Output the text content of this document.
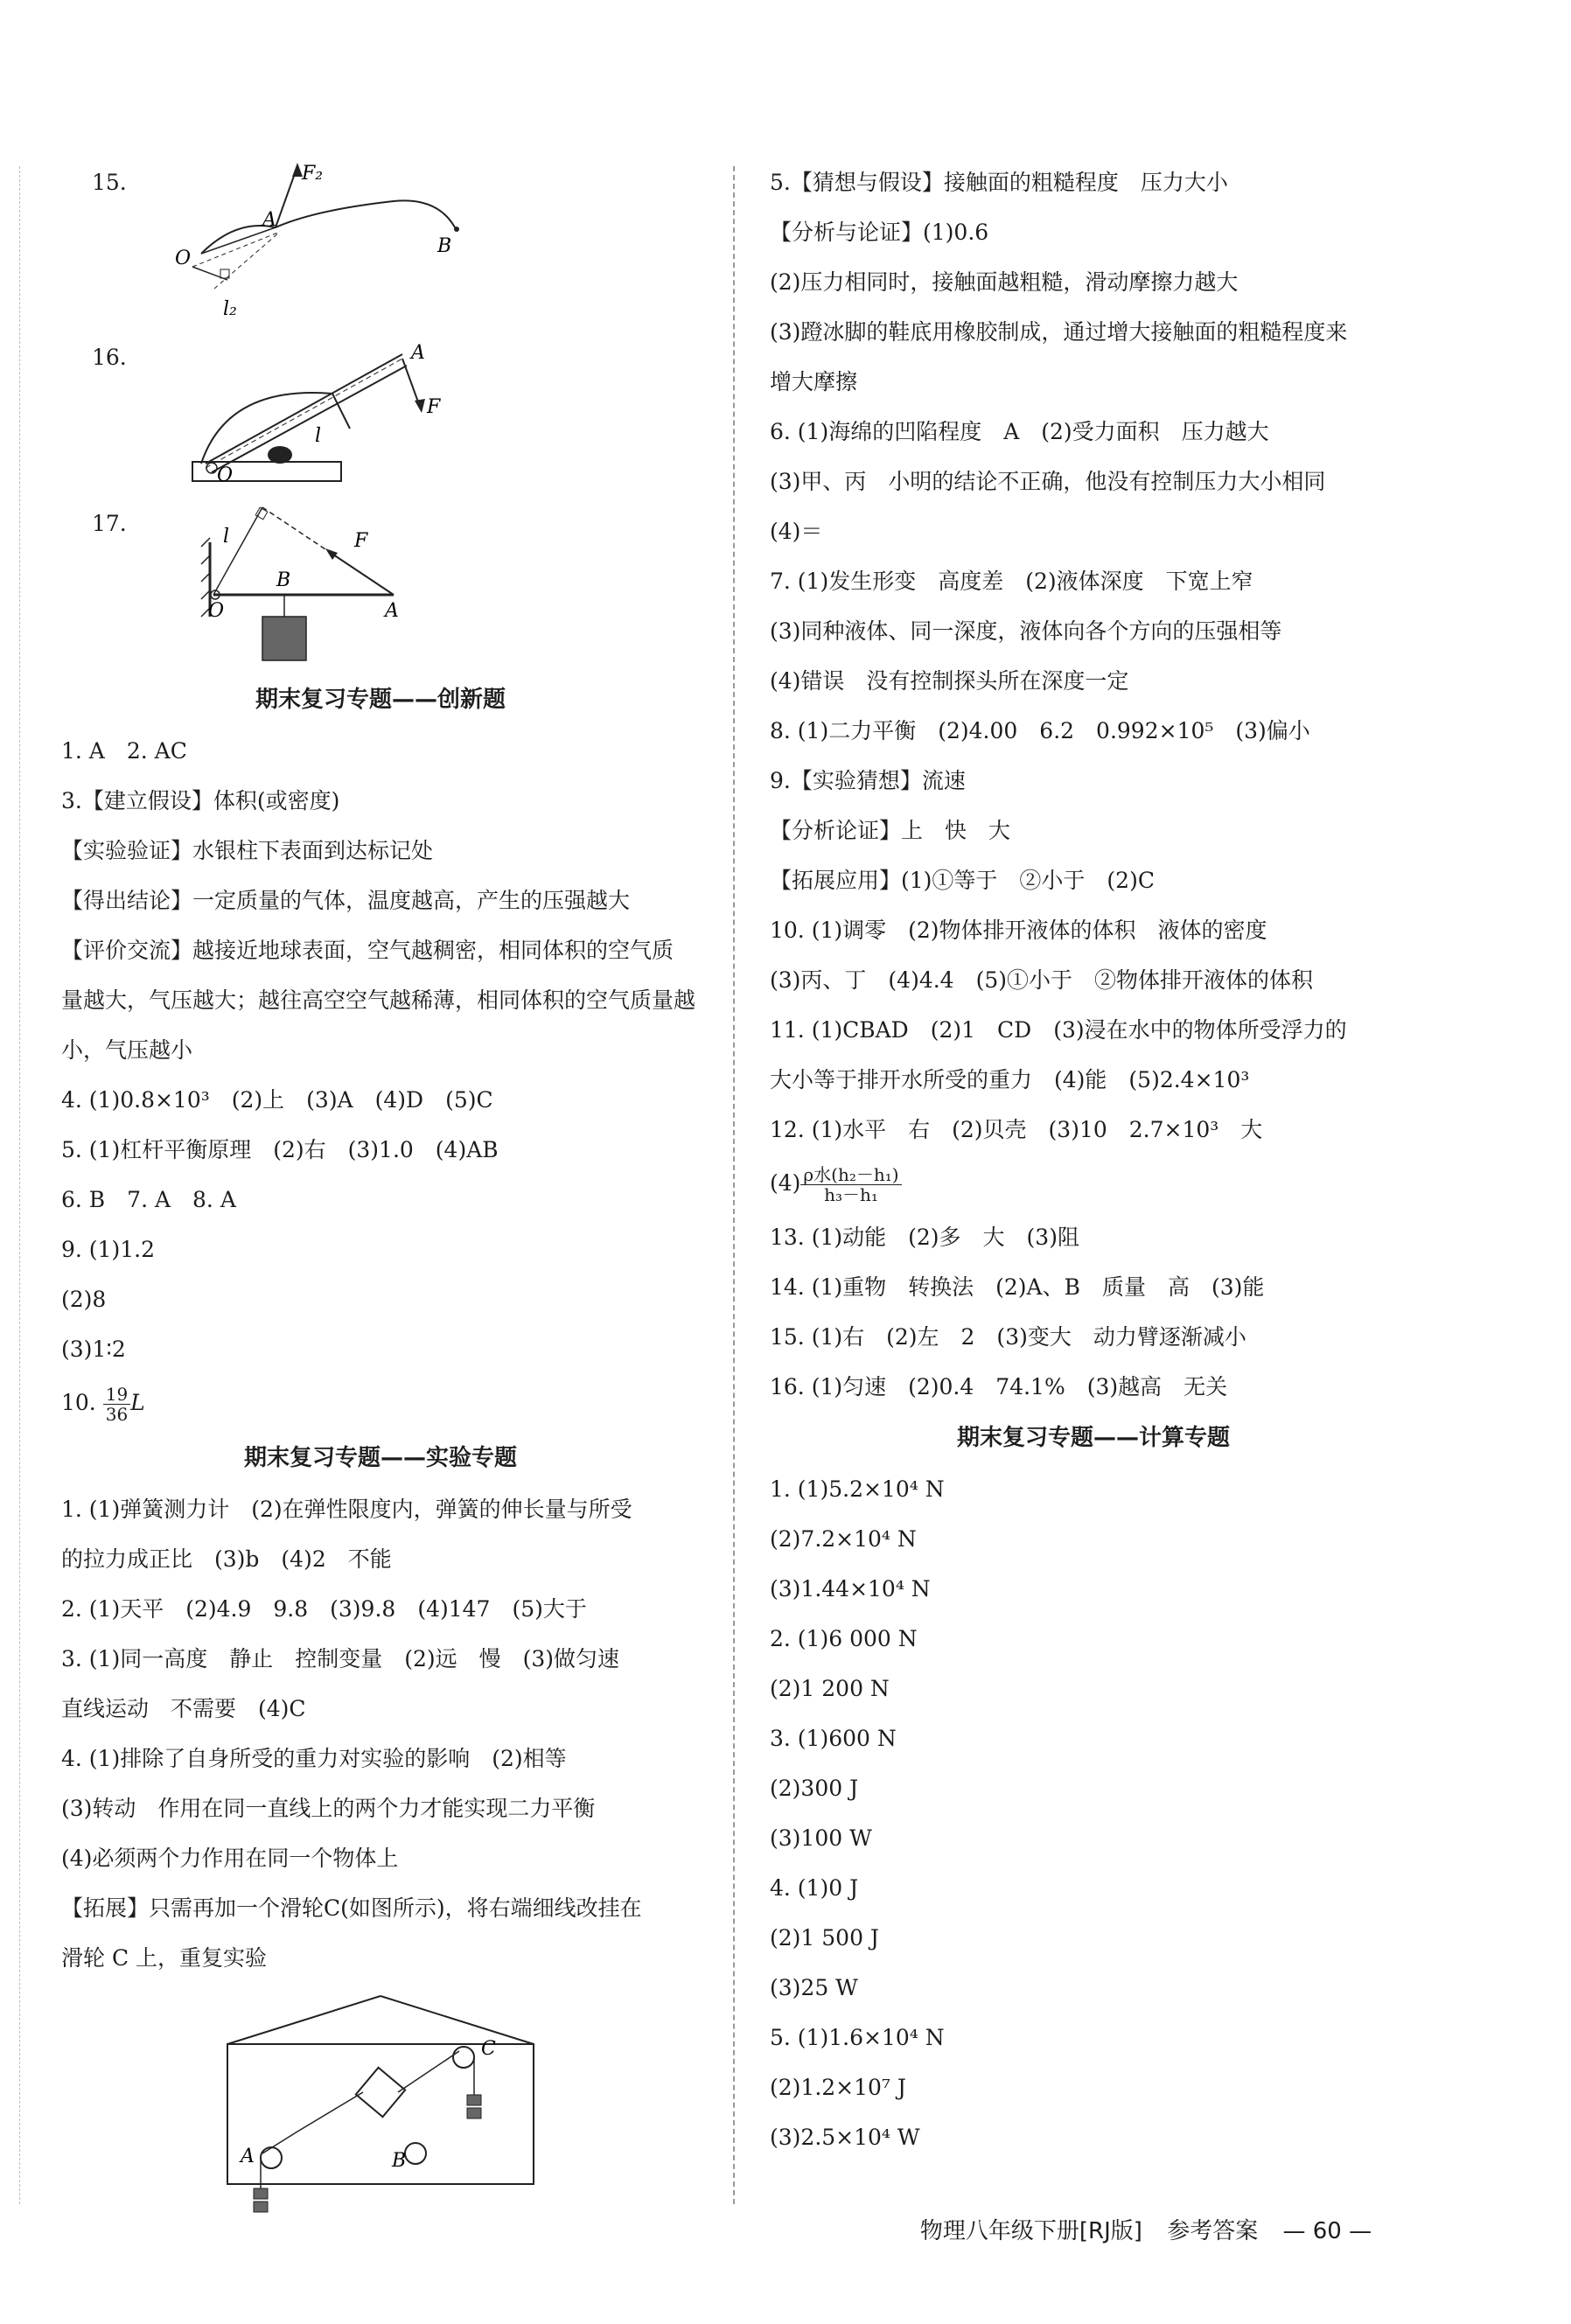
15.	F₂
A
O
B
l₂
16.	A
F
l
O
17.
l	F
B
O	A
期末复习专题——创新题
1. A　2. AC
3.【建立假设】体积(或密度)
【实验验证】水银柱下表面到达标记处
【得出结论】一定质量的气体，温度越高，产生的压强越大
【评价交流】越接近地球表面，空气越稠密，相同体积的空气质
量越大，气压越大；越往高空空气越稀薄，相同体积的空气质量越
小，气压越小
4. (1)0.8×10³　(2)上　(3)A　(4)D　(5)C
5. (1)杠杆平衡原理　(2)右　(3)1.0　(4)AB
6. B　7. A　8. A
9. (1)1.2
(2)8
(3)1∶2
10. $\frac{19}{36}$ L
期末复习专题——实验专题
1. (1)弹簧测力计　(2)在弹性限度内，弹簧的伸长量与所受
的拉力成正比　(3)b　(4)2　不能
2. (1)天平　(2)4.9　9.8　(3)9.8　(4)147　(5)大于
3. (1)同一高度　静止　控制变量　(2)远　慢　(3)做匀速
直线运动　不需要　(4)C
4. (1)排除了自身所受的重力对实验的影响　(2)相等
(3)转动　作用在同一直线上的两个力才能实现二力平衡
(4)必须两个力作用在同一个物体上
【拓展】只需再加一个滑轮C(如图所示)，将右端细线改挂在
滑轮 C 上，重复实验
A	B
C
5.【猜想与假设】接触面的粗糙程度　压力大小
【分析与论证】(1)0.6
(2)压力相同时，接触面越粗糙，滑动摩擦力越大
(3)蹬冰脚的鞋底用橡胶制成，通过增大接触面的粗糙程度来
增大摩擦
6. (1)海绵的凹陷程度　A　(2)受力面积　压力越大
(3)甲、丙　小明的结论不正确，他没有控制压力大小相同
(4)＝
7. (1)发生形变　高度差　(2)液体深度　下宽上窄
(3)同种液体、同一深度，液体向各个方向的压强相等
(4)错误　没有控制探头所在深度一定
8. (1)二力平衡　(2)4.00　6.2　0.992×10⁵　(3)偏小
9.【实验猜想】流速
【分析论证】上　快　大
【拓展应用】(1)①等于　②小于　(2)C
10. (1)调零　(2)物体排开液体的体积　液体的密度
(3)丙、丁　(4)4.4　(5)①小于　②物体排开液体的体积
11. (1)CBAD　(2)1　CD　(3)浸在水中的物体所受浮力的
大小等于排开水所受的重力　(4)能　(5)2.4×10³
12. (1)水平　右　(2)贝壳　(3)10　2.7×10³　大
$(4) \frac{\text{ρ水(h₂－h₁)}}{\text{h₃－h₁}}$
13. (1)动能　(2)多　大　(3)阻
14. (1)重物　转换法　(2)A、B　质量　高　(3)能
15. (1)右　(2)左　2　(3)变大　动力臂逐渐减小
16. (1)匀速　(2)0.4　74.1%　(3)越高　无关
期末复习专题——计算专题
1. (1)5.2×10⁴ N
(2)7.2×10⁴ N
(3)1.44×10⁴ N
2. (1)6 000 N
(2)1 200 N
3. (1)600 N
(2)300 J
(3)100 W
4. (1)0 J
(2)1 500 J
(3)25 W
5. (1)1.6×10⁴ N
(2)1.2×10⁷ J
(3)2.5×10⁴ W
物理八年级下册[RJ版] 参考答案 — 60 —
